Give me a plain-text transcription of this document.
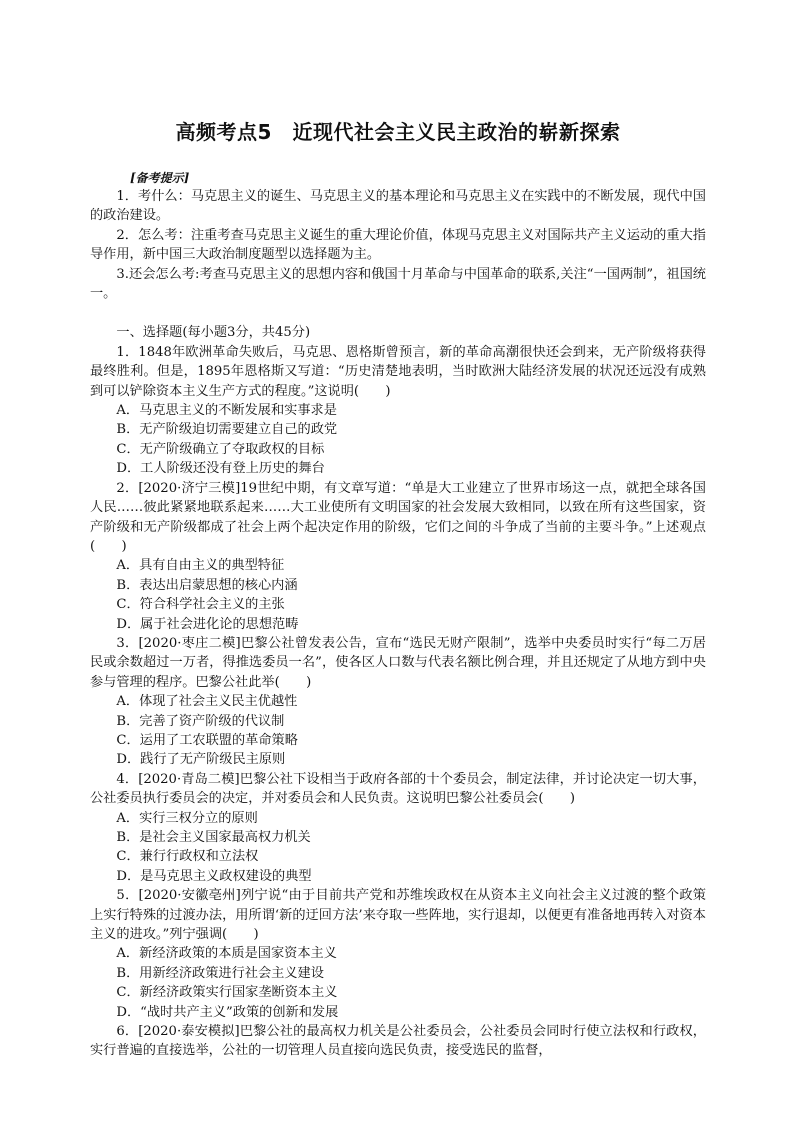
高频考点5　近现代社会主义民主政治的崭新探索
[备考提示]

1．考什么：马克思主义的诞生、马克思主义的基本理论和马克思主义在实践中的不断发展，现代中国的政治建设。

2．怎么考：注重考查马克思主义诞生的重大理论价值，体现马克思主义对国际共产主义运动的重大指导作用，新中国三大政治制度题型以选择题为主。

3.还会怎么考:考查马克思主义的思想内容和俄国十月革命与中国革命的联系,关注“一国两制”，祖国统一。

一、选择题(每小题3分，共45分)

1．1848年欧洲革命失败后，马克思、恩格斯曾预言，新的革命高潮很快还会到来，无产阶级将获得最终胜利。但是，1895年恩格斯又写道：“历史清楚地表明，当时欧洲大陆经济发展的状况还远没有成熟到可以铲除资本主义生产方式的程度。”这说明(　　)

A．马克思主义的不断发展和实事求是

B．无产阶级迫切需要建立自己的政党

C．无产阶级确立了夺取政权的目标

D．工人阶级还没有登上历史的舞台

2．[2020·济宁三模]19世纪中期，有文章写道：“单是大工业建立了世界市场这一点，就把全球各国人民……彼此紧紧地联系起来……大工业使所有文明国家的社会发展大致相同，以致在所有这些国家，资产阶级和无产阶级都成了社会上两个起决定作用的阶级，它们之间的斗争成了当前的主要斗争。”上述观点(　　)

A．具有自由主义的典型特征

B．表达出启蒙思想的核心内涵

C．符合科学社会主义的主张

D．属于社会进化论的思想范畴

3．[2020·枣庄二模]巴黎公社曾发表公告，宣布“选民无财产限制”，选举中央委员时实行“每二万居民或余数超过一万者，得推选委员一名”，使各区人口数与代表名额比例合理，并且还规定了从地方到中央参与管理的程序。巴黎公社此举(　　)

A．体现了社会主义民主优越性

B．完善了资产阶级的代议制

C．运用了工农联盟的革命策略

D．践行了无产阶级民主原则

4．[2020·青岛二模]巴黎公社下设相当于政府各部的十个委员会，制定法律，并讨论决定一切大事，公社委员执行委员会的决定，并对委员会和人民负责。这说明巴黎公社委员会(　　)

A．实行三权分立的原则

B．是社会主义国家最高权力机关

C．兼行行政权和立法权

D．是马克思主义政权建设的典型

5．[2020·安徽亳州]列宁说“由于目前共产党和苏维埃政权在从资本主义向社会主义过渡的整个政策上实行特殊的过渡办法，用所谓‘新的迂回方法’来夺取一些阵地，实行退却，以便更有准备地再转入对资本主义的进攻。”列宁强调(　　)

A．新经济政策的本质是国家资本主义

B．用新经济政策进行社会主义建设

C．新经济政策实行国家垄断资本主义

D．“战时共产主义”政策的创新和发展

6．[2020·泰安模拟]巴黎公社的最高权力机关是公社委员会，公社委员会同时行使立法权和行政权，实行普遍的直接选举，公社的一切管理人员直接向选民负责，接受选民的监督，
